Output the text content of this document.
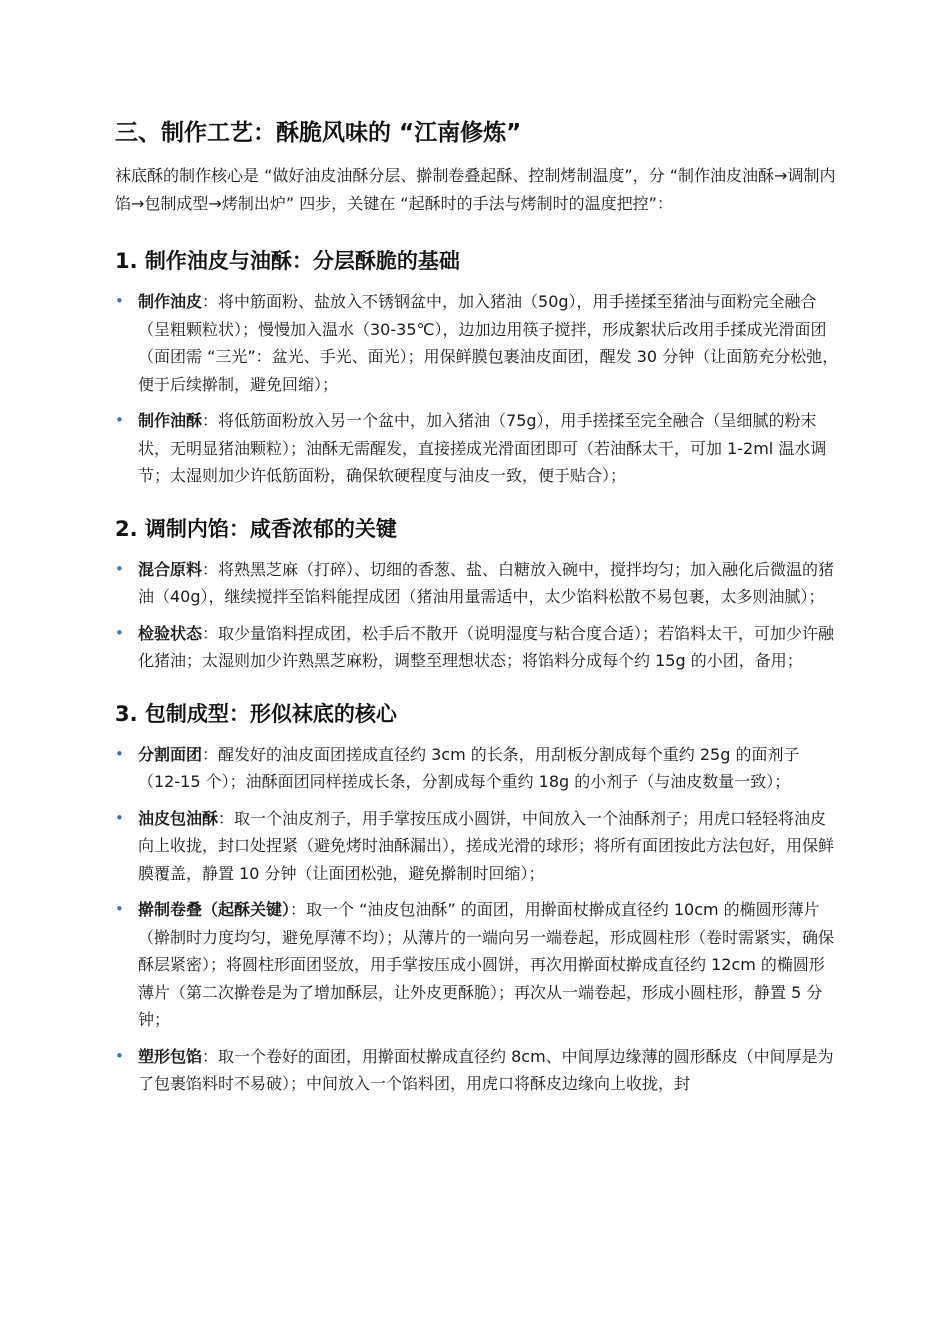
三、制作工艺：酥脆风味的 “江南修炼”

袜底酥的制作核心是 “做好油皮油酥分层、擀制卷叠起酥、控制烤制温度”，分 “制作油皮油酥→调制内馅→包制成型→烤制出炉” 四步，关键在 “起酥时的手法与烤制时的温度把控”：

1. 制作油皮与油酥：分层酥脆的基础
• 制作油皮：将中筋面粉、盐放入不锈钢盆中，加入猪油（50g），用手搓揉至猪油与面粉完全融合（呈粗颗粒状）；慢慢加入温水（30-35℃），边加边用筷子搅拌，形成絮状后改用手揉成光滑面团（面团需 “三光”：盆光、手光、面光）；用保鲜膜包裹油皮面团，醒发 30 分钟（让面筋充分松弛，便于后续擀制，避免回缩）；
• 制作油酥：将低筋面粉放入另一个盆中，加入猪油（75g），用手搓揉至完全融合（呈细腻的粉末状，无明显猪油颗粒）；油酥无需醒发，直接搓成光滑面团即可（若油酥太干，可加 1-2ml 温水调节；太湿则加少许低筋面粉，确保软硬程度与油皮一致，便于贴合）；
2. 调制内馅：咸香浓郁的关键
• 混合原料：将熟黑芝麻（打碎）、切细的香葱、盐、白糖放入碗中，搅拌均匀；加入融化后微温的猪油（40g），继续搅拌至馅料能捏成团（猪油用量需适中，太少馅料松散不易包裹，太多则油腻）；
• 检验状态：取少量馅料捏成团，松手后不散开（说明湿度与粘合度合适）；若馅料太干，可加少许融化猪油；太湿则加少许熟黑芝麻粉，调整至理想状态；将馅料分成每个约 15g 的小团，备用；
3. 包制成型：形似袜底的核心
• 分割面团：醒发好的油皮面团搓成直径约 3cm 的长条，用刮板分割成每个重约 25g 的面剂子（12-15 个）；油酥面团同样搓成长条，分割成每个重约 18g 的小剂子（与油皮数量一致）；
• 油皮包油酥：取一个油皮剂子，用手掌按压成小圆饼，中间放入一个油酥剂子；用虎口轻轻将油皮向上收拢，封口处捏紧（避免烤时油酥漏出），搓成光滑的球形；将所有面团按此方法包好，用保鲜膜覆盖，静置 10 分钟（让面团松弛，避免擀制时回缩）；
• 擀制卷叠（起酥关键）：取一个 “油皮包油酥” 的面团，用擀面杖擀成直径约 10cm 的椭圆形薄片（擀制时力度均匀，避免厚薄不均）；从薄片的一端向另一端卷起，形成圆柱形（卷时需紧实，确保酥层紧密）；将圆柱形面团竖放，用手掌按压成小圆饼，再次用擀面杖擀成直径约 12cm 的椭圆形薄片（第二次擀卷是为了增加酥层，让外皮更酥脆）；再次从一端卷起，形成小圆柱形，静置 5 分钟；
• 塑形包馅：取一个卷好的面团，用擀面杖擀成直径约 8cm、中间厚边缘薄的圆形酥皮（中间厚是为了包裹馅料时不易破）；中间放入一个馅料团，用虎口将酥皮边缘向上收拢，封
